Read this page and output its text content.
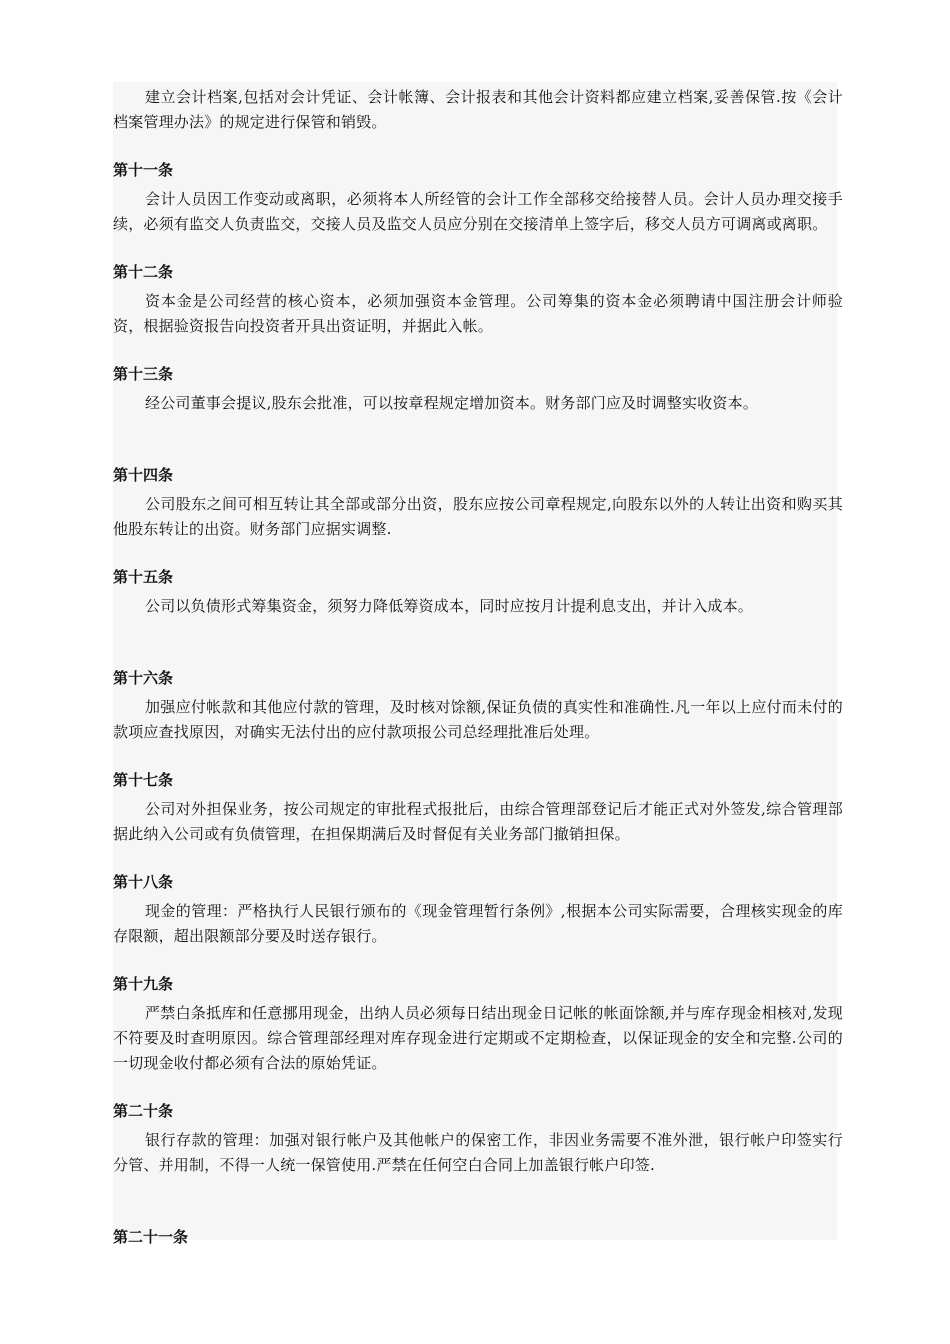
建立会计档案,包括对会计凭证、会计帐簿、会计报表和其他会计资料都应建立档案,妥善保管.按《会计档案管理办法》的规定进行保管和销毁。

第十一条

会计人员因工作变动或离职，必须将本人所经管的会计工作全部移交给接替人员。会计人员办理交接手续，必须有监交人负责监交，交接人员及监交人员应分别在交接清单上签字后，移交人员方可调离或离职。

第十二条

资本金是公司经营的核心资本，必须加强资本金管理。公司筹集的资本金必须聘请中国注册会计师验资，根据验资报告向投资者开具出资证明，并据此入帐。

第十三条

经公司董事会提议,股东会批准，可以按章程规定增加资本。财务部门应及时调整实收资本。

第十四条

公司股东之间可相互转让其全部或部分出资，股东应按公司章程规定,向股东以外的人转让出资和购买其他股东转让的出资。财务部门应据实调整.

第十五条

公司以负债形式筹集资金，须努力降低筹资成本，同时应按月计提利息支出，并计入成本。

第十六条

加强应付帐款和其他应付款的管理，及时核对馀额,保证负债的真实性和准确性.凡一年以上应付而未付的款项应查找原因，对确实无法付出的应付款项报公司总经理批准后处理。

第十七条

公司对外担保业务，按公司规定的审批程式报批后，由综合管理部登记后才能正式对外签发,综合管理部据此纳入公司或有负债管理，在担保期满后及时督促有关业务部门撤销担保。

第十八条

现金的管理：严格执行人民银行颁布的《现金管理暂行条例》,根据本公司实际需要，合理核实现金的库存限额，超出限额部分要及时送存银行。

第十九条

严禁白条抵库和任意挪用现金，出纳人员必须每日结出现金日记帐的帐面馀额,并与库存现金相核对,发现不符要及时查明原因。综合管理部经理对库存现金进行定期或不定期检查，以保证现金的安全和完整.公司的一切现金收付都必须有合法的原始凭证。

第二十条

银行存款的管理：加强对银行帐户及其他帐户的保密工作，非因业务需要不准外泄，银行帐户印签实行分管、并用制，不得一人统一保管使用.严禁在任何空白合同上加盖银行帐户印签.

第二十一条
